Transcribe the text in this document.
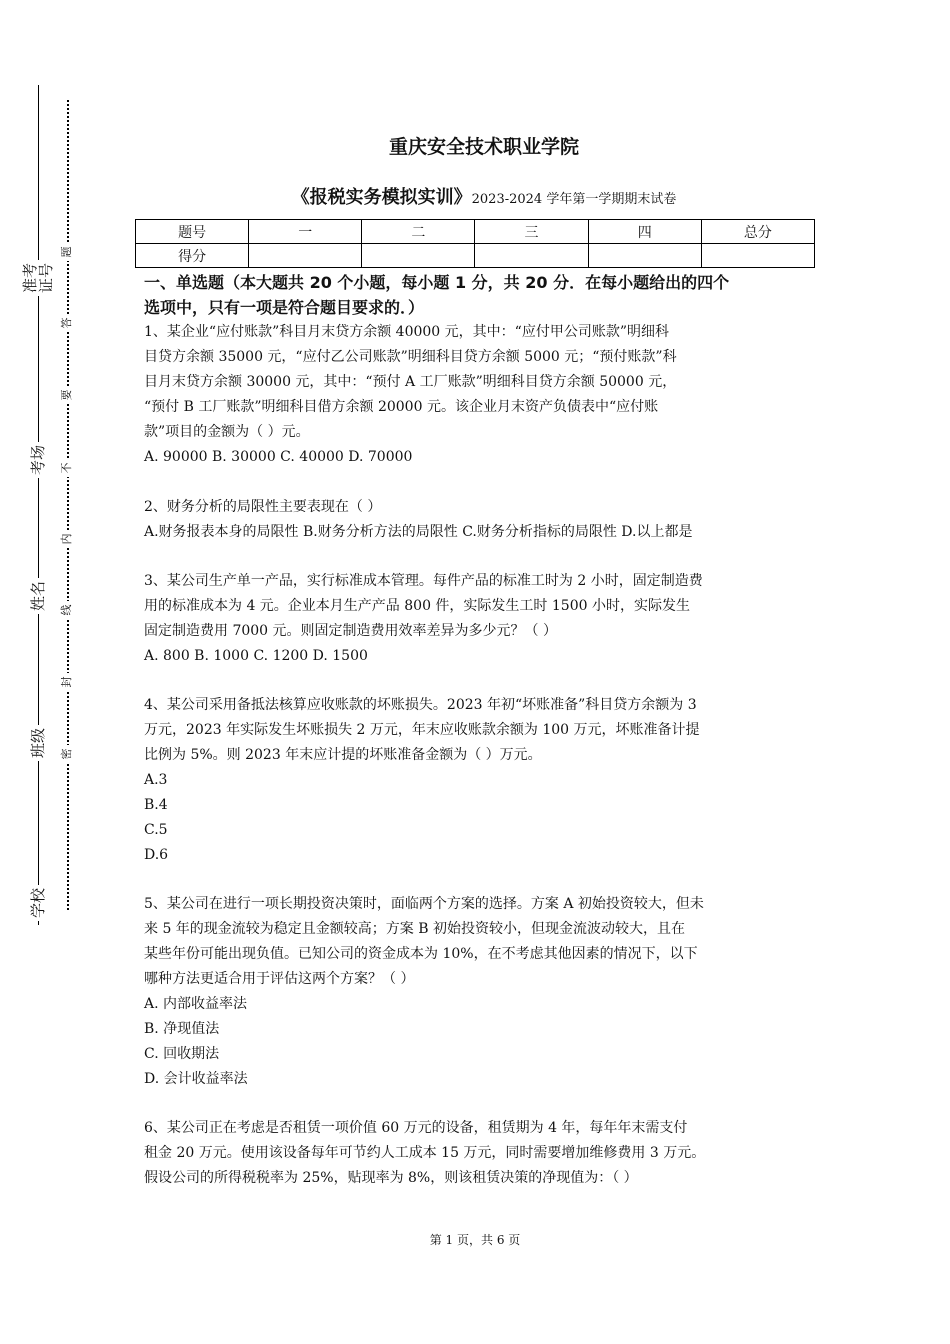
准考证号
考场
姓名
班级
学校
题
答
要
不
内
线
封
密
重庆安全技术职业学院
《报税实务模拟实训》2023-2024 学年第一学期期末试卷
题号	一	二	三	四	总分
得分					
一、单选题（本大题共 20 个小题，每小题 1 分，共 20 分．在每小题给出的四个
选项中，只有一项是符合题目要求的．）

1、某企业“应付账款”科目月末贷方余额 40000 元，其中：“应付甲公司账款”明细科

目贷方余额 35000 元，“应付乙公司账款”明细科目贷方余额 5000 元；“预付账款”科

目月末贷方余额 30000 元，其中：“预付 A 工厂账款”明细科目贷方余额 50000 元，

“预付 B 工厂账款”明细科目借方余额 20000 元。该企业月末资产负债表中“应付账

款”项目的金额为（ ）元。

A. 90000 B. 30000 C. 40000 D. 70000

2、财务分析的局限性主要表现在（ ）

A.财务报表本身的局限性 B.财务分析方法的局限性 C.财务分析指标的局限性 D.以上都是

3、某公司生产单一产品，实行标准成本管理。每件产品的标准工时为 2 小时，固定制造费

用的标准成本为 4 元。企业本月生产产品 800 件，实际发生工时 1500 小时，实际发生

固定制造费用 7000 元。则固定制造费用效率差异为多少元？（ ）

A. 800 B. 1000 C. 1200 D. 1500

4、某公司采用备抵法核算应收账款的坏账损失。2023 年初“坏账准备”科目贷方余额为 3

万元，2023 年实际发生坏账损失 2 万元，年末应收账款余额为 100 万元，坏账准备计提

比例为 5%。则 2023 年末应计提的坏账准备金额为（ ）万元。

A.3

B.4

C.5

D.6

5、某公司在进行一项长期投资决策时，面临两个方案的选择。方案 A 初始投资较大，但未

来 5 年的现金流较为稳定且金额较高；方案 B 初始投资较小，但现金流波动较大，且在

某些年份可能出现负值。已知公司的资金成本为 10%，在不考虑其他因素的情况下，以下

哪种方法更适合用于评估这两个方案？（ ）

A. 内部收益率法

B. 净现值法

C. 回收期法

D. 会计收益率法

6、某公司正在考虑是否租赁一项价值 60 万元的设备，租赁期为 4 年，每年年末需支付

租金 20 万元。使用该设备每年可节约人工成本 15 万元，同时需要增加维修费用 3 万元。

假设公司的所得税税率为 25%，贴现率为 8%，则该租赁决策的净现值为：（ ）

第 1 页，共 6 页
